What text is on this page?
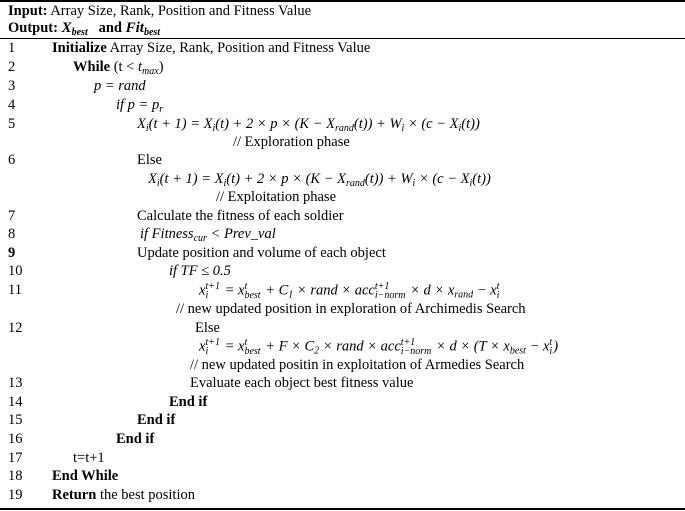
Input: Array Size, Rank, Position and Fitness Value
Output: $X_{best}$ and Fit$_{best}$
1
2
3
4
5
6
7
8
9
10
11
12
13
14
15
16
17
18
19
Initialize Array Size, Rank, Position and Fitness Value
While $(t < t_{max})$
p = rand
if $p = p_r$
$X_i(t + 1) = X_i(t) + 2 \times p \times (K - X_{rand}(t)) + W_i \times (c - X_i(t))$
// Exploration phase
Else
$X_i(t + 1) = X_i(t) + 2 \times p \times (K - X_{rand}(t)) + W_i \times (c - X_i(t))$
// Exploitation phase
Calculate the fitness of each soldier
if Fitness$_{cur}$ < Prev_val
Update position and volume of each object
if TF ≤ 0.5
x t+1
i = x t
best + $C_1$ × rand × acc t+1
i−norm × $d \times x_{rand} - x$ t
i
// new updated position in exploration of Archimedis Search
Else
x t+1
i = x t
best + $F \times C_2$ × rand × acc t+1
i−norm × $d \times (T \times x_{best} - x$ t
i )
// new updated positin in exploitation of Armedies Search
Evaluate each object best fitness value
End if
End if
End if
t=t+1
End While
Return the best position
